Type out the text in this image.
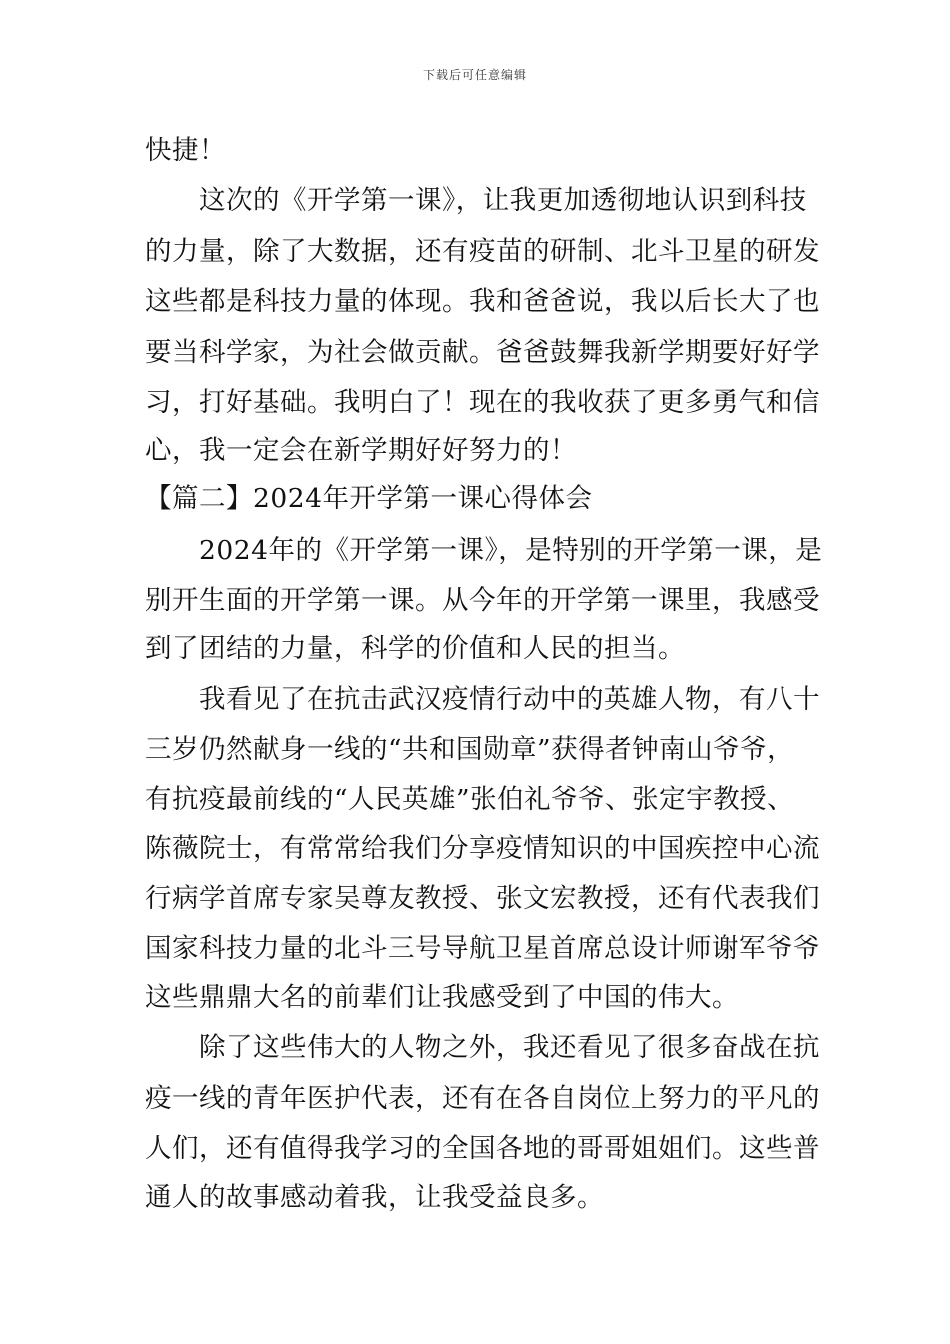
下载后可任意编辑
快捷！
　　这次的《开学第一课》，让我更加透彻地认识到科技
的力量，除了大数据，还有疫苗的研制、北斗卫星的研发
这些都是科技力量的体现。我和爸爸说，我以后长大了也
要当科学家，为社会做贡献。爸爸鼓舞我新学期要好好学
习，打好基础。我明白了！现在的我收获了更多勇气和信
心，我一定会在新学期好好努力的！
【篇二】2024年开学第一课心得体会
　　2024年的《开学第一课》，是特别的开学第一课，是
别开生面的开学第一课。从今年的开学第一课里，我感受
到了团结的力量，科学的价值和人民的担当。
　　我看见了在抗击武汉疫情行动中的英雄人物，有八十
三岁仍然献身一线的“共和国勋章”获得者钟南山爷爷，
有抗疫最前线的“人民英雄”张伯礼爷爷、张定宇教授、
陈薇院士，有常常给我们分享疫情知识的中国疾控中心流
行病学首席专家吴尊友教授、张文宏教授，还有代表我们
国家科技力量的北斗三号导航卫星首席总设计师谢军爷爷
这些鼎鼎大名的前辈们让我感受到了中国的伟大。
　　除了这些伟大的人物之外，我还看见了很多奋战在抗
疫一线的青年医护代表，还有在各自岗位上努力的平凡的
人们，还有值得我学习的全国各地的哥哥姐姐们。这些普
通人的故事感动着我，让我受益良多。
